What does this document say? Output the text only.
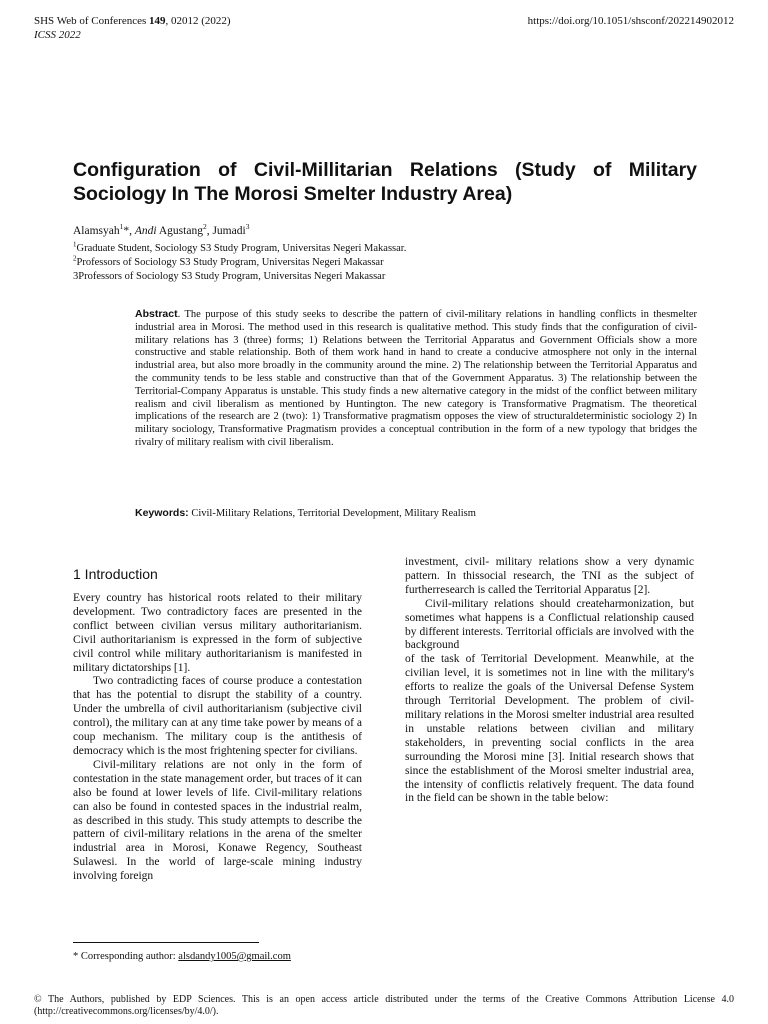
SHS Web of Conferences 149, 02012 (2022)
ICSS 2022
https://doi.org/10.1051/shsconf/202214902012
Configuration of Civil-Millitarian Relations (Study of Military Sociology In The Morosi Smelter Industry Area)
Alamsyah$^1$*, Andi Agustang$^2$, Jumadi$^3$
$^1$Graduate Student, Sociology S3 Study Program, Universitas Negeri Makassar.
$^2$Professors of Sociology S3 Study Program, Universitas Negeri Makassar
3Professors of Sociology S3 Study Program, Universitas Negeri Makassar
Abstract. The purpose of this study seeks to describe the pattern of civil-military relations in handling conflicts in thesmelter industrial area in Morosi. The method used in this research is qualitative method. This study finds that the configuration of civil-military relations has 3 (three) forms; 1) Relations between the Territorial Apparatus and Government Officials show a more constructive and stable relationship. Both of them work hand in hand to create a conducive atmosphere not only in the internal industrial area, but also more broadly in the community around the mine. 2) The relationship between the Territorial Apparatus and the community tends to be less stable and constructive than that of the Government Apparatus. 3) The relationship between the Territorial-Company Apparatus is unstable. This study finds a new alternative category in the midst of the conflict between military realism and civil liberalism as mentioned by Huntington. The new category is Transformative Pragmatism. The theoretical implications of the research are 2 (two): 1) Transformative pragmatism opposes the view of structuraldeterministic sociology 2) In military sociology, Transformative Pragmatism provides a conceptual contribution in the form of a new typology that bridges the rivalry of military realism with civil liberalism.
Keywords: Civil-Military Relations, Territorial Development, Military Realism
1 Introduction

Every country has historical roots related to their military development. Two contradictory faces are presented in the conflict between civilian versus military authoritarianism. Civil authoritarianism is expressed in the form of subjective civil control while military authoritarianism is manifested in military dictatorships [1].

Two contradicting faces of course produce a contestation that has the potential to disrupt the stability of a country. Under the umbrella of civil authoritarianism (subjective civil control), the military can at any time take power by means of a coup mechanism. The military coup is the antithesis of democracy which is the most frightening specter for civilians.

Civil-military relations are not only in the form of contestation in the state management order, but traces of it can also be found at lower levels of life. Civil-military relations can also be found in contested spaces in the industrial realm, as described in this study. This study attempts to describe the pattern of civil-military relations in the arena of the smelter industrial area in Morosi, Konawe Regency, Southeast Sulawesi. In the world of large-scale mining industry involving foreign

investment, civil- military relations show a very dynamic pattern. In thissocial research, the TNI as the subject of furtherresearch is called the Territorial Apparatus [2].

Civil-military relations should createharmonization, but sometimes what happens is a Conflictual relationship caused by different interests. Territorial officials are involved with the background

of the task of Territorial Development. Meanwhile, at the civilian level, it is sometimes not in line with the military's efforts to realize the goals of the Universal Defense System through Territorial Development. The problem of civil-military relations in the Morosi smelter industrial area resulted in unstable relations between civilian and military stakeholders, in preventing social conflicts in the area surrounding the Morosi mine [3]. Initial research shows that since the establishment of the Morosi smelter industrial area, the intensity of conflictis relatively frequent. The data found in the field can be shown in the table below:

* Corresponding author: alsdandy1005@gmail.com
© The Authors, published by EDP Sciences. This is an open access article distributed under the terms of the Creative Commons Attribution License 4.0 (http://creativecommons.org/licenses/by/4.0/).
